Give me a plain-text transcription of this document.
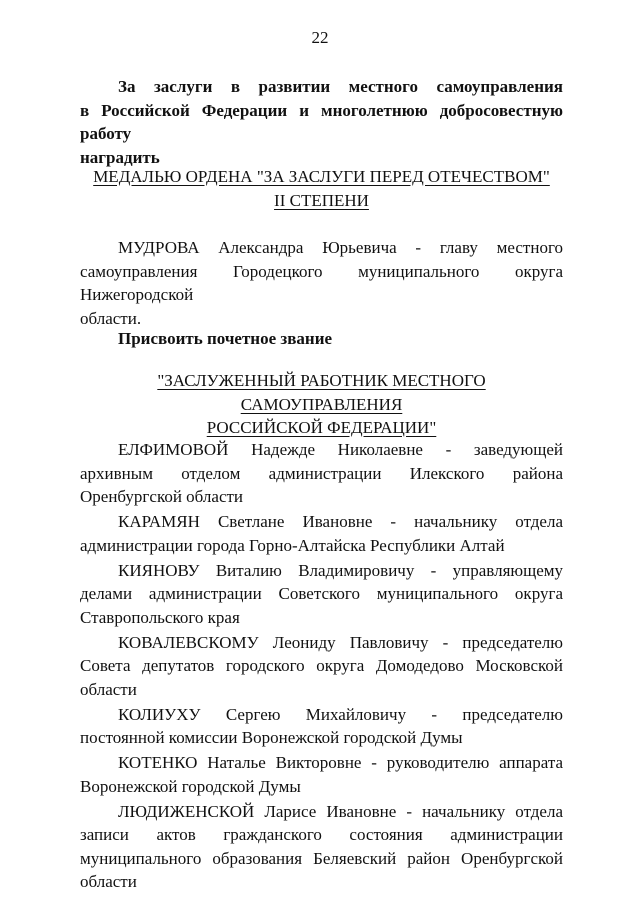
22
За заслуги в развитии местного самоуправления
в Российской Федерации и многолетнюю добросовестную работу
наградить
МЕДАЛЬЮ ОРДЕНА "ЗА ЗАСЛУГИ ПЕРЕД ОТЕЧЕСТВОМ"
II СТЕПЕНИ
МУДРОВА Александра Юрьевича - главу местного
самоуправления Городецкого муниципального округа Нижегородской
области.
Присвоить почетное звание
"ЗАСЛУЖЕННЫЙ РАБОТНИК МЕСТНОГО САМОУПРАВЛЕНИЯ
РОССИЙСКОЙ ФЕДЕРАЦИИ"

ЕЛФИМОВОЙ Надежде Николаевне - заведующей архивным отделом администрации Илекского района Оренбургской области

КАРАМЯН Светлане Ивановне - начальнику отдела администрации города Горно-Алтайска Республики Алтай

КИЯНОВУ Виталию Владимировичу - управляющему делами администрации Советского муниципального округа Ставропольского края

КОВАЛЕВСКОМУ Леониду Павловичу - председателю Совета депутатов городского округа Домодедово Московской области

КОЛИУХУ Сергею Михайловичу - председателю постоянной комиссии Воронежской городской Думы

КОТЕНКО Наталье Викторовне - руководителю аппарата Воронежской городской Думы

ЛЮДИЖЕНСКОЙ Ларисе Ивановне - начальнику отдела записи актов гражданского состояния администрации муниципального образования Беляевский район Оренбургской области
